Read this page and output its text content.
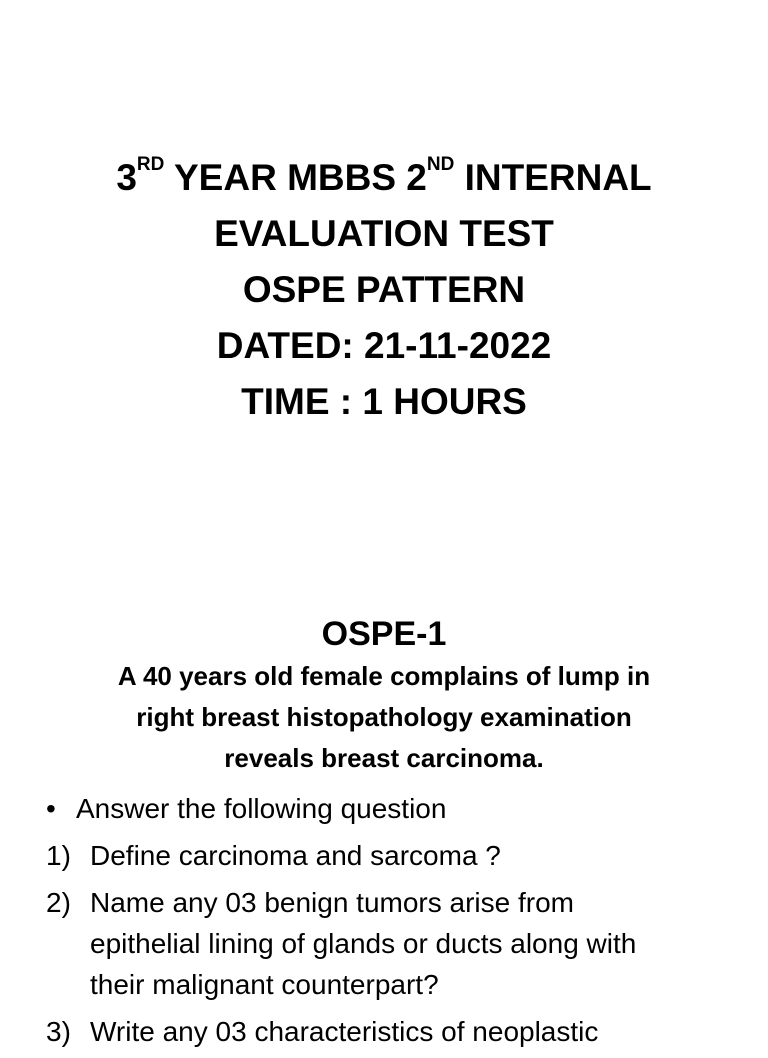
3RD YEAR MBBS 2ND INTERNAL
EVALUATION TEST
OSPE PATTERN
DATED: 21-11-2022
TIME : 1 HOURS
OSPE-1
A 40 years old female complains of lump in
right breast histopathology examination
reveals breast carcinoma.
• Answer the following question
1) Define carcinoma and sarcoma ?
2) Name any 03 benign tumors arise from
epithelial lining of glands or ducts along with
their malignant counterpart?
3) Write any 03 characteristics of neoplastic
